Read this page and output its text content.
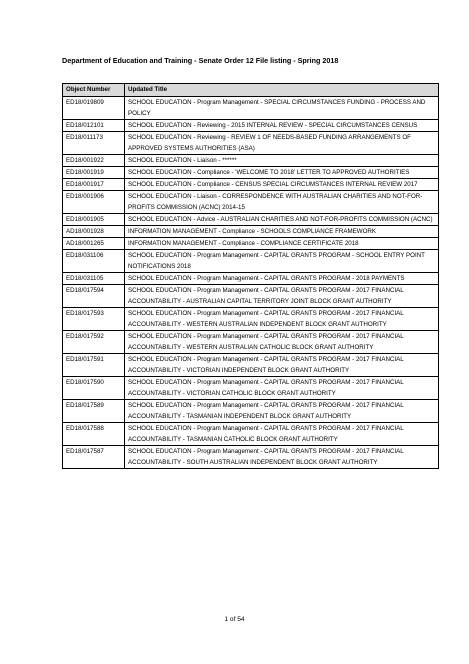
Department of Education and Training - Senate Order 12 File listing - Spring 2018
Object Number	Updated Title
ED18/019809	SCHOOL EDUCATION - Program Management - SPECIAL CIRCUMSTANCES FUNDING - PROCESS AND POLICY
ED18/012101	SCHOOL EDUCATION - Reviewing - 2015 INTERNAL REVIEW - SPECIAL CIRCUMSTANCES CENSUS
ED18/011173	SCHOOL EDUCATION - Reviewing - REVIEW 1 OF NEEDS-BASED FUNDING ARRANGEMENTS OF APPROVED SYSTEMS AUTHORITIES (ASA)
ED18/001922	SCHOOL EDUCATION - Liaison - ******
ED18/001919	SCHOOL EDUCATION - Compliance - 'WELCOME TO 2018' LETTER TO APPROVED AUTHORITIES
ED18/001917	SCHOOL EDUCATION - Compliance - CENSUS SPECIAL CIRCUMSTANCES INTERNAL REVIEW 2017
ED18/001906	SCHOOL EDUCATION - Liaison - CORRESPONDENCE WITH AUSTRALIAN CHARITIES AND NOT-FOR-PROFITS COMMISSION (ACNC) 2014-15
ED18/001905	SCHOOL EDUCATION - Advice - AUSTRALIAN CHARITIES AND NOT-FOR-PROFITS COMMISSION (ACNC)
AD18/001928	INFORMATION MANAGEMENT - Compliance - SCHOOLS COMPLIANCE FRAMEWORK
AD18/001265	INFORMATION MANAGEMENT - Compliance - COMPLIANCE CERTIFICATE 2018
ED18/031106	SCHOOL EDUCATION - Program Management - CAPITAL GRANTS PROGRAM - SCHOOL ENTRY POINT NOTIFICATIONS 2018
ED18/031105	SCHOOL EDUCATION - Program Management - CAPITAL GRANTS PROGRAM - 2018 PAYMENTS
ED18/017594	SCHOOL EDUCATION - Program Management - CAPITAL GRANTS PROGRAM - 2017 FINANCIAL ACCOUNTABILITY - AUSTRALIAN CAPITAL TERRITORY JOINT BLOCK GRANT AUTHORITY
ED18/017593	SCHOOL EDUCATION - Program Management - CAPITAL GRANTS PROGRAM - 2017 FINANCIAL ACCOUNTABILITY - WESTERN AUSTRALIAN INDEPENDENT BLOCK GRANT AUTHORITY
ED18/017592	SCHOOL EDUCATION - Program Management - CAPITAL GRANTS PROGRAM - 2017 FINANCIAL ACCOUNTABILITY - WESTERN AUSTRALIAN CATHOLIC BLOCK GRANT AUTHORITY
ED18/017591	SCHOOL EDUCATION - Program Management - CAPITAL GRANTS PROGRAM - 2017 FINANCIAL ACCOUNTABILITY - VICTORIAN INDEPENDENT BLOCK GRANT AUTHORITY
ED18/017590	SCHOOL EDUCATION - Program Management - CAPITAL GRANTS PROGRAM - 2017 FINANCIAL ACCOUNTABILITY - VICTORIAN CATHOLIC BLOCK GRANT AUTHORITY
ED18/017589	SCHOOL EDUCATION - Program Management - CAPITAL GRANTS PROGRAM - 2017 FINANCIAL ACCOUNTABILITY - TASMANIAN INDEPENDENT BLOCK GRANT AUTHORITY
ED18/017588	SCHOOL EDUCATION - Program Management - CAPITAL GRANTS PROGRAM - 2017 FINANCIAL ACCOUNTABILITY - TASMANIAN CATHOLIC BLOCK GRANT AUTHORITY
ED18/017587	SCHOOL EDUCATION - Program Management - CAPITAL GRANTS PROGRAM - 2017 FINANCIAL ACCOUNTABILITY - SOUTH AUSTRALIAN INDEPENDENT BLOCK GRANT AUTHORITY
1 of 54
